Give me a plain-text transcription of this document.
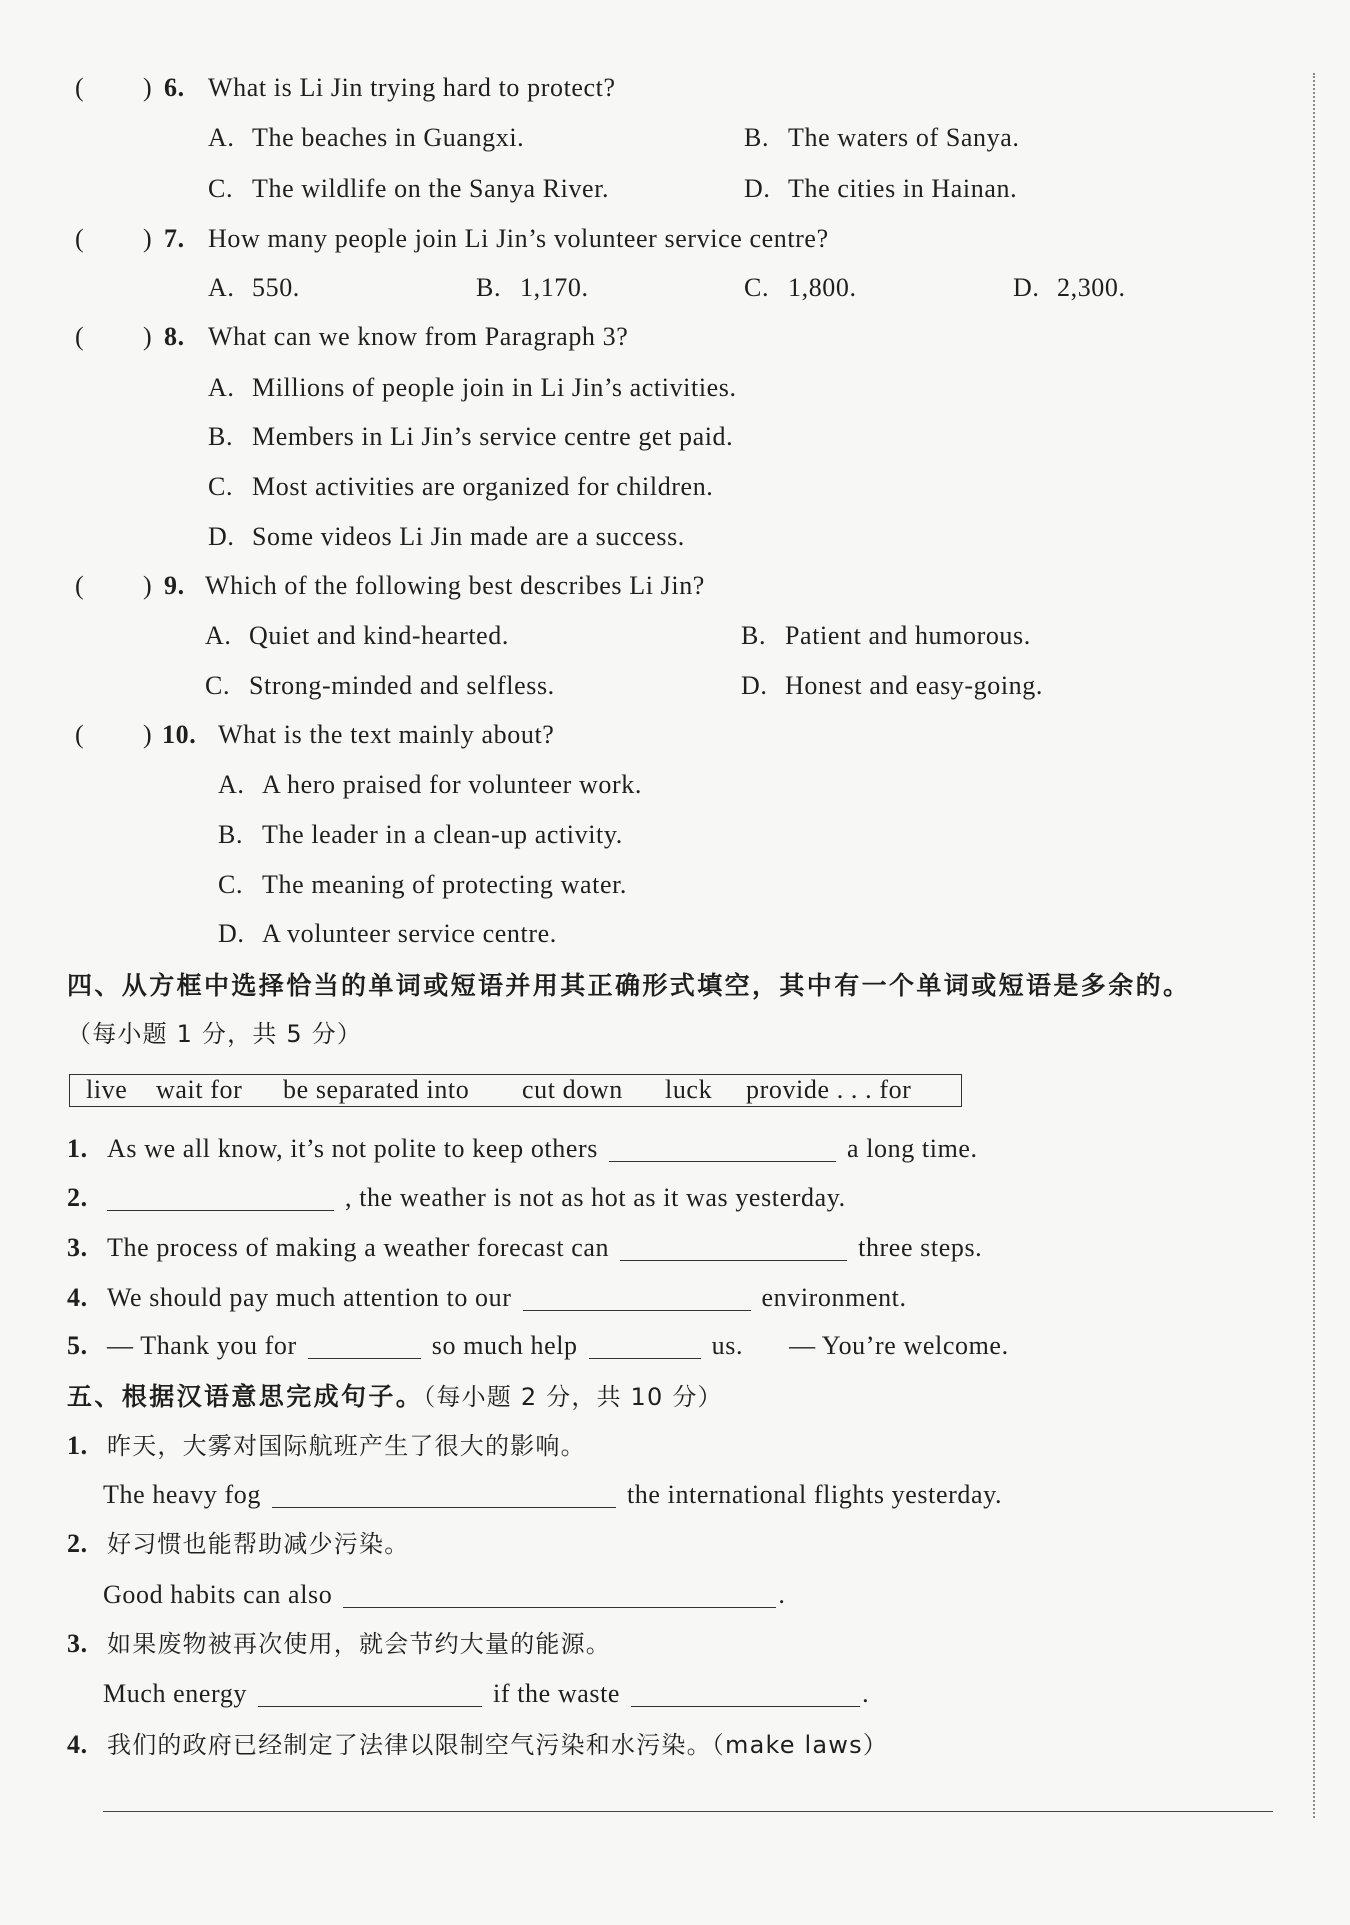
( ) 6. What is Li Jin trying hard to protect?
A. The beaches in Guangxi.	B. The waters of Sanya.
C. The wildlife on the Sanya River.	D. The cities in Hainan.
( ) 7. How many people join Li Jin’s volunteer service centre?
A. 550.	B. 1,170.	C. 1,800.	D. 2,300.
( ) 8. What can we know from Paragraph 3?
A. Millions of people join in Li Jin’s activities.
B. Members in Li Jin’s service centre get paid.
C. Most activities are organized for children.
D. Some videos Li Jin made are a success.
( ) 9. Which of the following best describes Li Jin?
A. Quiet and kind-hearted.	B. Patient and humorous.
C. Strong-minded and selfless.	D. Honest and easy-going.
( ) 10. What is the text mainly about?
A. A hero praised for volunteer work.
B. The leader in a clean-up activity.
C. The meaning of protecting water.
D. A volunteer service centre.
四、从方框中选择恰当的单词或短语并用其正确形式填空，其中有一个单词或短语是多余的。
（每小题 1 分，共 5 分）
live wait for be separated into cut down luck provide . . . for
1. As we all know, it’s not polite to keep others	a long time.
2.	, the weather is not as hot as it was yesterday.
3. The process of making a weather forecast can	three steps.
4. We should pay much attention to our	environment.
5. — Thank you for	so much help	us. — You’re welcome.
五、根据汉语意思完成句子。（每小题 2 分，共 10 分）
1. 昨天，大雾对国际航班产生了很大的影响。
The heavy fog	the international flights yesterday.
2. 好习惯也能帮助减少污染。
Good habits can also	.
3. 如果废物被再次使用，就会节约大量的能源。
Much energy	if the waste	.
4. 我们的政府已经制定了法律以限制空气污染和水污染。（make laws）
